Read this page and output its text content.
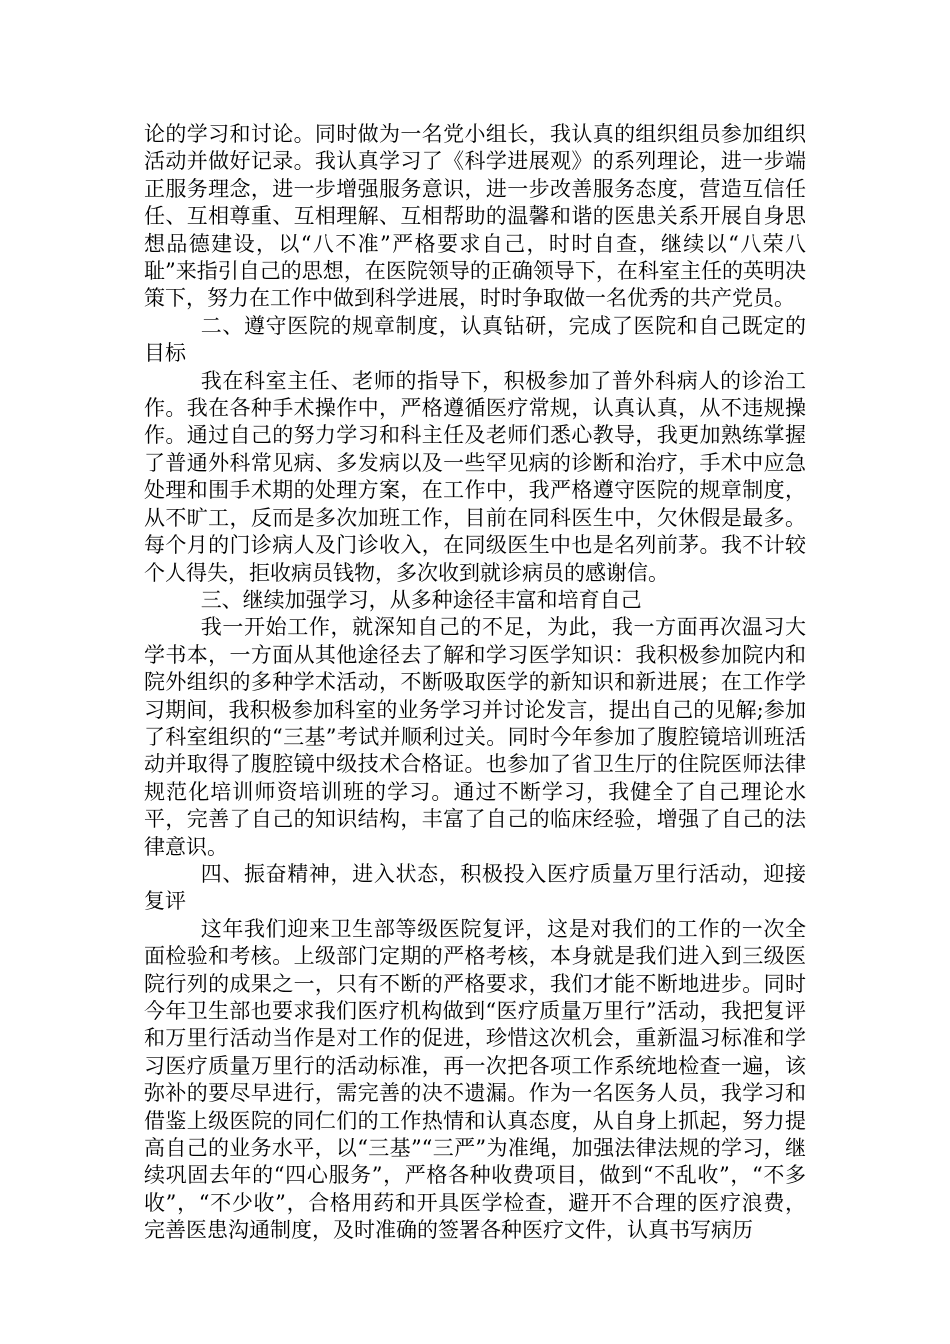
论的学习和讨论。同时做为一名党小组长，我认真的组织组员参加组织活动并做好记录。我认真学习了《科学进展观》的系列理论，进一步端正服务理念，进一步增强服务意识，进一步改善服务态度，营造互信任任、互相尊重、互相理解、互相帮助的温馨和谐的医患关系开展自身思想品德建设，以“八不准”严格要求自己，时时自查，继续以“八荣八耻”来指引自己的思想，在医院领导的正确领导下，在科室主任的英明决策下，努力在工作中做到科学进展，时时争取做一名优秀的共产党员。

二、遵守医院的规章制度，认真钻研，完成了医院和自己既定的目标

我在科室主任、老师的指导下，积极参加了普外科病人的诊治工作。我在各种手术操作中，严格遵循医疗常规，认真认真，从不违规操作。通过自己的努力学习和科主任及老师们悉心教导，我更加熟练掌握了普通外科常见病、多发病以及一些罕见病的诊断和治疗，手术中应急处理和围手术期的处理方案，在工作中，我严格遵守医院的规章制度，从不旷工，反而是多次加班工作，目前在同科医生中，欠休假是最多。每个月的门诊病人及门诊收入，在同级医生中也是名列前茅。我不计较个人得失，拒收病员钱物，多次收到就诊病员的感谢信。

三、继续加强学习，从多种途径丰富和培育自己

我一开始工作，就深知自己的不足，为此，我一方面再次温习大学书本，一方面从其他途径去了解和学习医学知识：我积极参加院内和院外组织的多种学术活动，不断吸取医学的新知识和新进展；在工作学习期间，我积极参加科室的业务学习并讨论发言，提出自己的见解;参加了科室组织的“三基”考试并顺利过关。同时今年参加了腹腔镜培训班活动并取得了腹腔镜中级技术合格证。也参加了省卫生厅的住院医师法律规范化培训师资培训班的学习。通过不断学习，我健全了自己理论水平，完善了自己的知识结构，丰富了自己的临床经验，增强了自己的法律意识。

四、振奋精神，进入状态，积极投入医疗质量万里行活动，迎接复评

这年我们迎来卫生部等级医院复评，这是对我们的工作的一次全面检验和考核。上级部门定期的严格考核，本身就是我们进入到三级医院行列的成果之一，只有不断的严格要求，我们才能不断地进步。同时今年卫生部也要求我们医疗机构做到“医疗质量万里行”活动，我把复评和万里行活动当作是对工作的促进，珍惜这次机会，重新温习标准和学习医疗质量万里行的活动标准，再一次把各项工作系统地检查一遍，该弥补的要尽早进行，需完善的决不遗漏。作为一名医务人员，我学习和借鉴上级医院的同仁们的工作热情和认真态度，从自身上抓起，努力提高自己的业务水平，以“三基”“三严”为准绳，加强法律法规的学习，继续巩固去年的“四心服务”，严格各种收费项目，做到“不乱收”，“不多收”，“不少收”，合格用药和开具医学检查，避开不合理的医疗浪费，完善医患沟通制度，及时准确的签署各种医疗文件，认真书写病历
